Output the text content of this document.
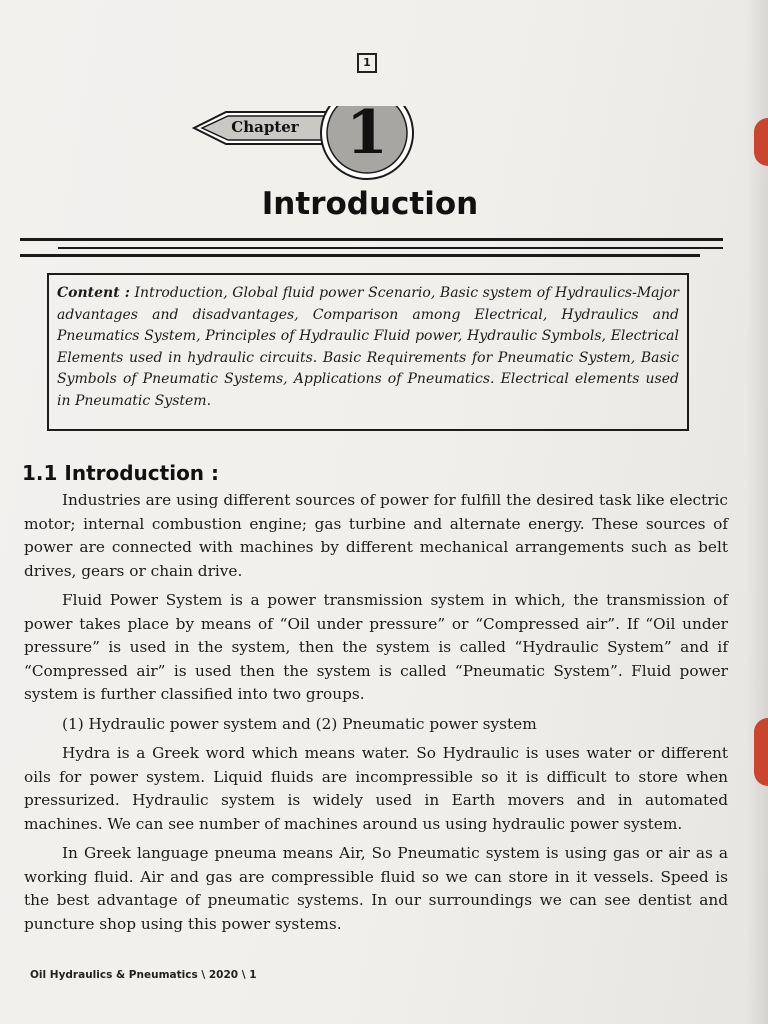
1
Chapter 1
Introduction

Content : Introduction, Global fluid power Scenario, Basic system of Hydraulics-Major advantages and disadvantages, Comparison among Electrical, Hydraulics and Pneumatics System, Principles of Hydraulic Fluid power, Hydraulic Symbols, Electrical Elements used in hydraulic circuits. Basic Requirements for Pneumatic System, Basic Symbols of Pneumatic Systems, Applications of Pneumatics. Electrical elements used in Pneumatic System.

1.1 Introduction :

Industries are using different sources of power for fulfill the desired task like electric motor; internal combustion engine; gas turbine and alternate energy. These sources of power are connected with machines by different mechanical arrangements such as belt drives, gears or chain drive.

Fluid Power System is a power transmission system in which, the transmission of power takes place by means of “Oil under pressure” or “Compressed air”. If “Oil under pressure” is used in the system, then the system is called “Hydraulic System” and if “Compressed air” is used then the system is called “Pneumatic System”. Fluid power system is further classified into two groups.

(1) Hydraulic power system and (2) Pneumatic power system

Hydra is a Greek word which means water. So Hydraulic is uses water or different oils for power system. Liquid fluids are incompressible so it is difficult to store when pressurized. Hydraulic system is widely used in Earth movers and in automated machines. We can see number of machines around us using hydraulic power system.

In Greek language pneuma means Air, So Pneumatic system is using gas or air as a working fluid. Air and gas are compressible fluid so we can store in it vessels. Speed is the best advantage of pneumatic systems. In our surroundings we can see dentist and puncture shop using this power systems.

Oil Hydraulics & Pneumatics \ 2020 \ 1
